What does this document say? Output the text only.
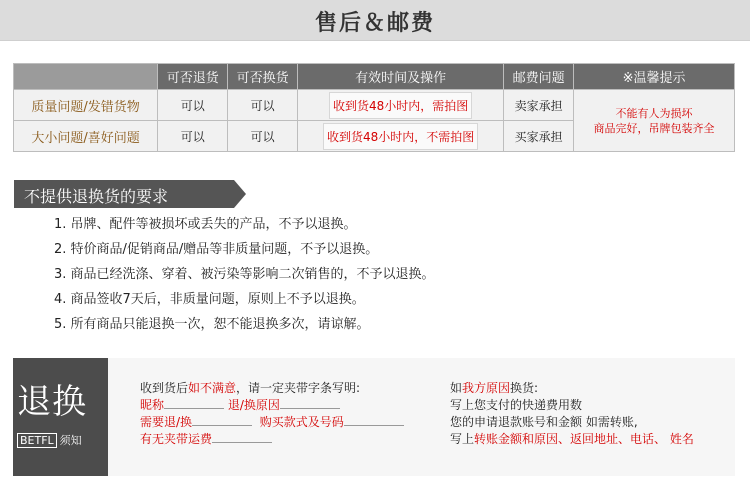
售后＆邮费
	可否退货	可否换货	有效时间及操作	邮费问题	※温馨提示
质量问题/发错货物	可以	可以	收到货48小时内，需拍图	卖家承担	不能有人为损坏
商品完好，吊牌包装齐全

大小问题/喜好问题	可以	可以	收到货48小时内，不需拍图	买家承担	
不提供退换货的要求
1. 吊牌、配件等被损坏或丢失的产品，不予以退换。
2. 特价商品/促销商品/赠品等非质量问题，不予以退换。
3. 商品已经洗涤、穿着、被污染等影响二次销售的，不予以退换。
4. 商品签收7天后，非质量问题，原则上不予以退换。
5. 所有商品只能退换一次，恕不能退换多次，请谅解。
退换
BETFL 须知
收到货后如不满意，请一定夹带字条写明:
昵称	退/换原因
需要退/换	购买款式及号码
有无夹带运费
如我方原因换货:
写上您支付的快递费用数
您的申请退款账号和金额 如需转账,
写上转账金额和原因、返回地址、电话、 姓名
